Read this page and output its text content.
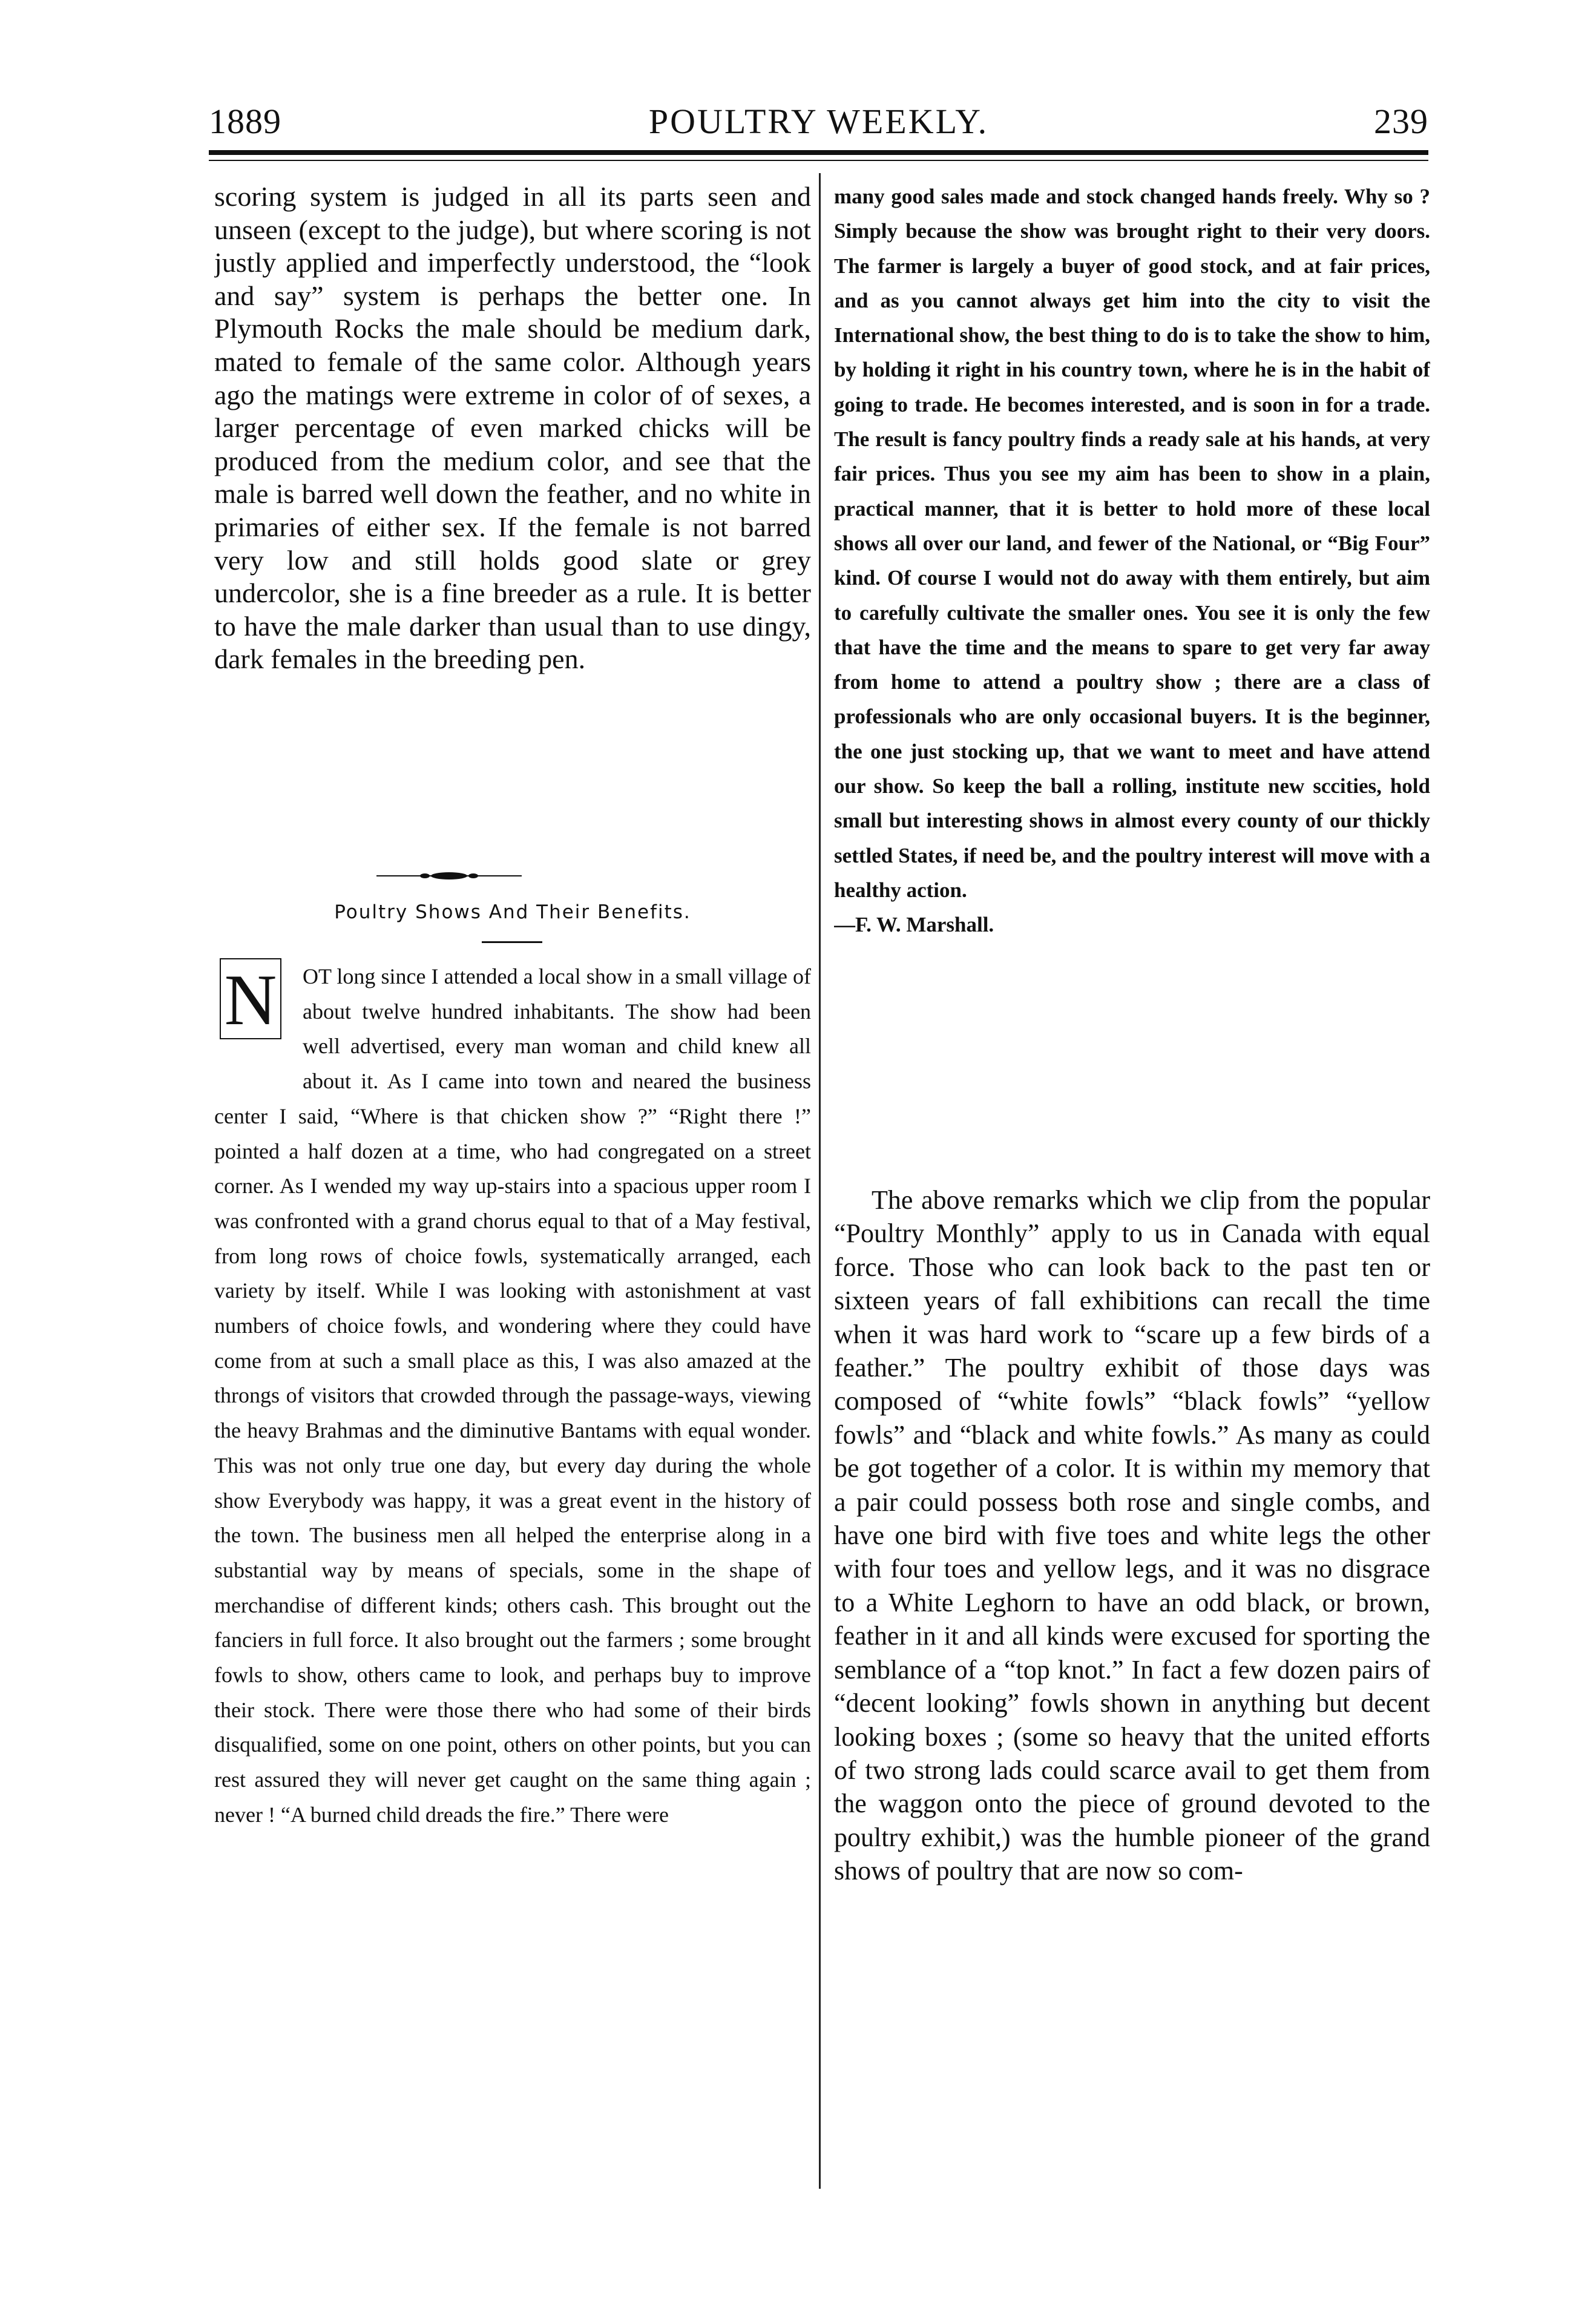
1889	POULTRY WEEKLY.	239

scoring system is judged in all its parts seen and unseen (except to the judge), but where scoring is not justly applied and imperfectly understood, the “look and say” system is perhaps the better one. In Plymouth Rocks the male should be medium dark, mated to female of the same color. Although years ago the matings were extreme in color of of sexes, a larger percentage of even marked chicks will be produced from the medium color, and see that the male is barred well down the feather, and no white in primaries of either sex. If the female is not barred very low and still holds good slate or grey undercolor, she is a fine breeder as a rule. It is better to have the male darker than usual than to use dingy, dark females in the breeding pen.

Poultry Shows And Their Benefits.
N	OT long since I attended a local show in a small village of about twelve hundred inhabitants. The show had been well advertised, every man woman and child knew all about it. As I came into town and neared the business center I said, “Where is that chicken show ?” “Right there !” pointed a half dozen at a time, who had congregated on a street corner. As I wended my way up-stairs into a spacious upper room I was confronted with a grand chorus equal to that of a May festival, from long rows of choice fowls, systematically arranged, each variety by itself. While I was looking with astonishment at vast numbers of choice fowls, and wondering where they could have come from at such a small place as this, I was also amazed at the throngs of visitors that crowded through the passage-ways, viewing the heavy Brahmas and the diminutive Bantams with equal wonder. This was not only true one day, but every day during the whole show Everybody was happy, it was a great event in the history of the town. The business men all helped the enterprise along in a substantial way by means of specials, some in the shape of merchandise of different kinds; others cash. This brought out the fanciers in full force. It also brought out the farmers ; some brought fowls to show, others came to look, and perhaps buy to improve their stock. There were those there who had some of their birds disqualified, some on one point, others on other points, but you can rest assured they will never get caught on the same thing again ; never ! “A burned child dreads the fire.” There were

many good sales made and stock changed hands freely. Why so ? Simply because the show was brought right to their very doors. The farmer is largely a buyer of good stock, and at fair prices, and as you cannot always get him into the city to visit the International show, the best thing to do is to take the show to him, by holding it right in his country town, where he is in the habit of going to trade. He becomes interested, and is soon in for a trade. The result is fancy poultry finds a ready sale at his hands, at very fair prices. Thus you see my aim has been to show in a plain, practical manner, that it is better to hold more of these local shows all over our land, and fewer of the National, or “Big Four” kind. Of course I would not do away with them entirely, but aim to carefully cultivate the smaller ones. You see it is only the few that have the time and the means to spare to get very far away from home to attend a poultry show ; there are a class of professionals who are only occasional buyers. It is the beginner, the one just stocking up, that we want to meet and have attend our show. So keep the ball a rolling, institute new sccities, hold small but interesting shows in almost every county of our thickly settled States, if need be, and the poultry interest will move with a healthy action.
—F. W. Marshall.

The above remarks which we clip from the popular “Poultry Monthly” apply to us in Canada with equal force. Those who can look back to the past ten or sixteen years of fall exhibitions can recall the time when it was hard work to “scare up a few birds of a feather.” The poultry exhibit of those days was composed of “white fowls” “black fowls” “yellow fowls” and “black and white fowls.” As many as could be got together of a color. It is within my memory that a pair could possess both rose and single combs, and have one bird with five toes and white legs the other with four toes and yellow legs, and it was no disgrace to a White Leghorn to have an odd black, or brown, feather in it and all kinds were excused for sporting the semblance of a “top knot.” In fact a few dozen pairs of “decent looking” fowls shown in anything but decent looking boxes ; (some so heavy that the united efforts of two strong lads could scarce avail to get them from the waggon onto the piece of ground devoted to the poultry exhibit,) was the humble pioneer of the grand shows of poultry that are now so com-
